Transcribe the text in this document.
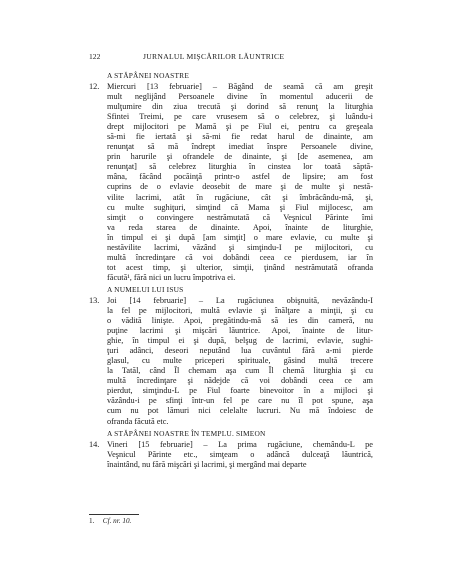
122	JURNALUL MIŞCĂRILOR LĂUNTRICE
A STĂPÂNEI NOASTRE
12. Miercuri [13 februarie] – Băgând de seamă că am greşit
mult neglijând Persoanele divine în momentul aducerii de
mulţumire din ziua trecută şi dorind să renunţ la liturghia
Sfintei Treimi, pe care vrusesem să o celebrez, şi luându-i
drept mijlocitori pe Mamă şi pe Fiul ei, pentru ca greşeala
să-mi fie iertată şi să-mi fie redat harul de dinainte, am
renunţat să mă îndrept imediat înspre Persoanele divine,
prin harurile şi ofrandele de dinainte, şi [de asemenea, am
renunţat] să celebrez liturghia în cinstea lor toată săptă-
mâna, făcând pocăinţă printr-o astfel de lipsire; am fost
cuprins de o evlavie deosebit de mare şi de multe şi nestă-
vilite lacrimi, atât în rugăciune, cât şi îmbrăcându-mă, şi,
cu multe sughiţuri, simţind că Mama şi Fiul mijlocesc, am
simţit o convingere nestrămutată că Veşnicul Părinte îmi
va reda starea de dinainte. Apoi, înainte de liturghie,
în timpul ei şi după [am simţit] o mare evlavie, cu multe şi
nestăvilite lacrimi, văzând şi simţindu-I pe mijlocitori, cu
multă încredinţare că voi dobândi ceea ce pierdusem, iar în
tot acest timp, şi ulterior, simţii, ţinând nestrămutată ofranda
făcută¹, fără nici un lucru împotriva ei.
A NUMELUI LUI ISUS
13. Joi [14 februarie] – La rugăciunea obişnuită, nevăzându-I
la fel pe mijlocitori, multă evlavie şi înălţare a minţii, şi cu
o vădită linişte. Apoi, pregătindu-mă să ies din cameră, nu
puţine lacrimi şi mişcări lăuntrice. Apoi, înainte de litur-
ghie, în timpul ei şi după, belşug de lacrimi, evlavie, sughi-
ţuri adânci, deseori neputând lua cuvântul fără a-mi pierde
glasul, cu multe priceperi spirituale, găsind multă trecere
la Tatăl, când Îl chemam aşa cum Îl chemă liturghia şi cu
multă încredinţare şi nădejde că voi dobândi ceea ce am
pierdut, simţindu-L pe Fiul foarte binevoitor în a mijloci şi
văzându-i pe sfinţi într-un fel pe care nu îl pot spune, aşa
cum nu pot lămuri nici celelalte lucruri. Nu mă îndoiesc de
ofranda făcută etc.
A STĂPÂNEI NOASTRE ÎN TEMPLU. SIMEON
14. Vineri [15 februarie] – La prima rugăciune, chemându-L pe
Veşnicul Părinte etc., simţeam o adâncă dulceaţă lăuntrică,
înaintând, nu fără mişcări şi lacrimi, şi mergând mai departe
1. Cf. nr. 10.
